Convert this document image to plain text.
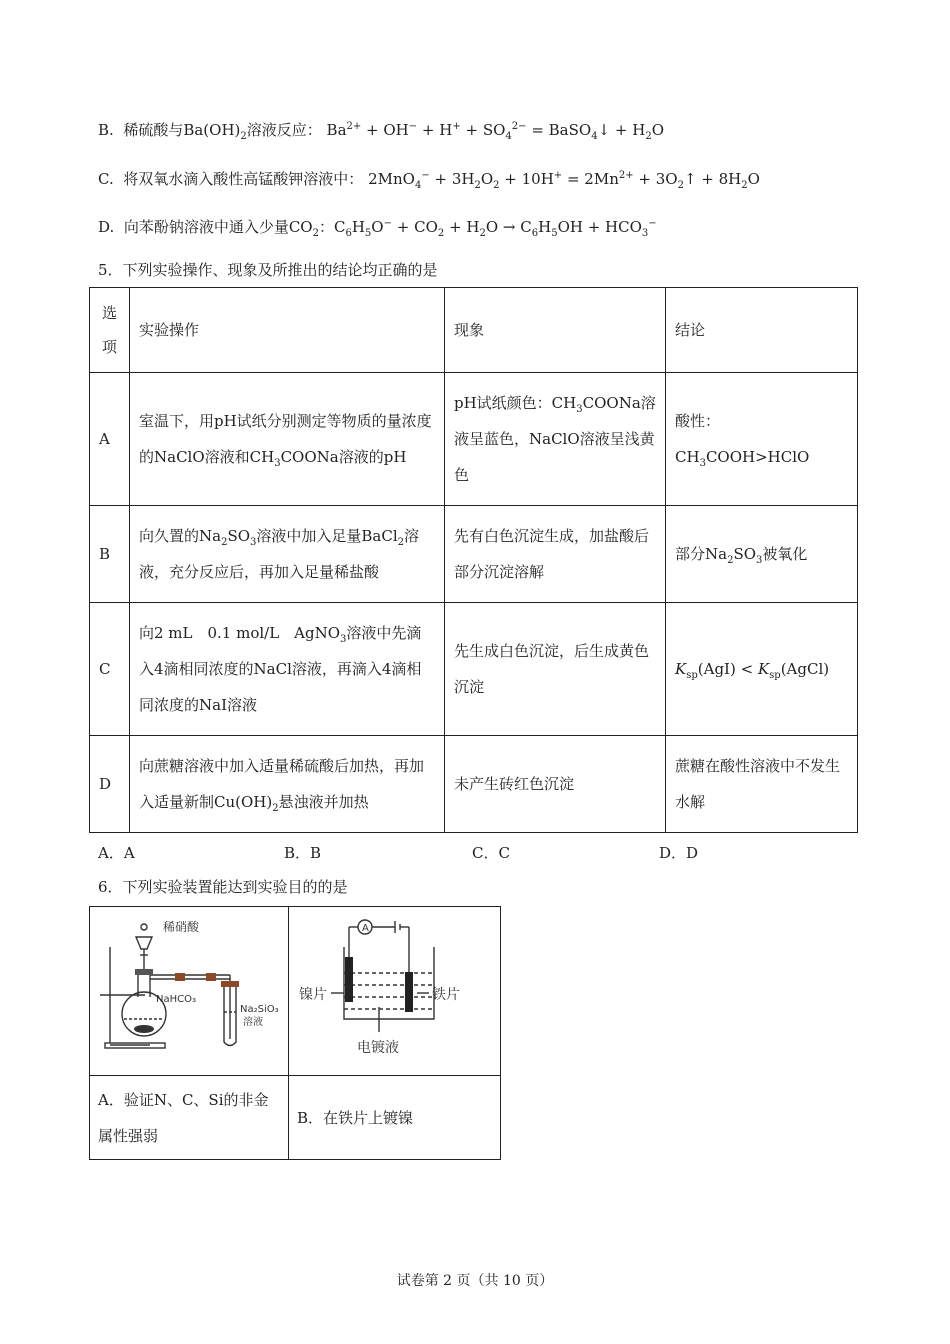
B.  稀硫酸与$Ba(OH)_2$溶液反应： $Ba^{2+} + OH^- + H^+ + SO_4^{2-}$ = BaSO$_4$↓ + $H_2O$
C. 将双氧水滴入酸性高锰酸钾溶液中： $2MnO_4^- + 3H_2O_2 + 10H^+ = 2Mn^{2+}$ + $3O_2↑ + 8H_2O$
D.  向苯酚钠溶液中通入少量$CO_2$：$C_6H_5O^- + CO_2 + H_2O \to C_6H_5OH + HCO_3^-$
5．下列实验操作、现象及所推出的结论均正确的是
选
项	实验操作	现象	结论
A	室温下，用pH试纸分别测定等物质的量浓度的NaClO溶液和$CH_3COONa$溶液的pH	pH试纸颜色：$CH_3COONa$溶液呈蓝色，NaClO溶液呈浅黄色	酸性：
$CH_3COOH>HClO$
B	向久置的$Na_2SO_3$溶液中加入足量BaCl$_2$溶液，充分反应后，再加入足量稀盐酸	先有白色沉淀生成，加盐酸后部分沉淀溶解	部分$Na_2SO_3$被氧化
C	向2 mL　0.1 mol/L　AgNO$_3$溶液中先滴入4滴相同浓度的NaCl溶液，再滴入4滴相同浓度的NaI溶液	先生成白色沉淀，后生成黄色沉淀	$K_{sp}(AgI)$ < $K_{sp}(AgCl)$
D	向蔗糖溶液中加入适量稀硫酸后加热，再加入适量新制$Cu(OH)_2$悬浊液并加热	未产生砖红色沉淀	蔗糖在酸性溶液中不发生水解
A．A	B．B	C．C	D．D
6．下列实验装置能达到实验目的的是
稀硝酸
NaHCO₃
Na₂SiO₃
溶液	A
镍片 铁片
电镀液

A．验证N、C、Si的非金属性强弱	B．在铁片上镀镍
试卷第 2 页（共 10 页）
